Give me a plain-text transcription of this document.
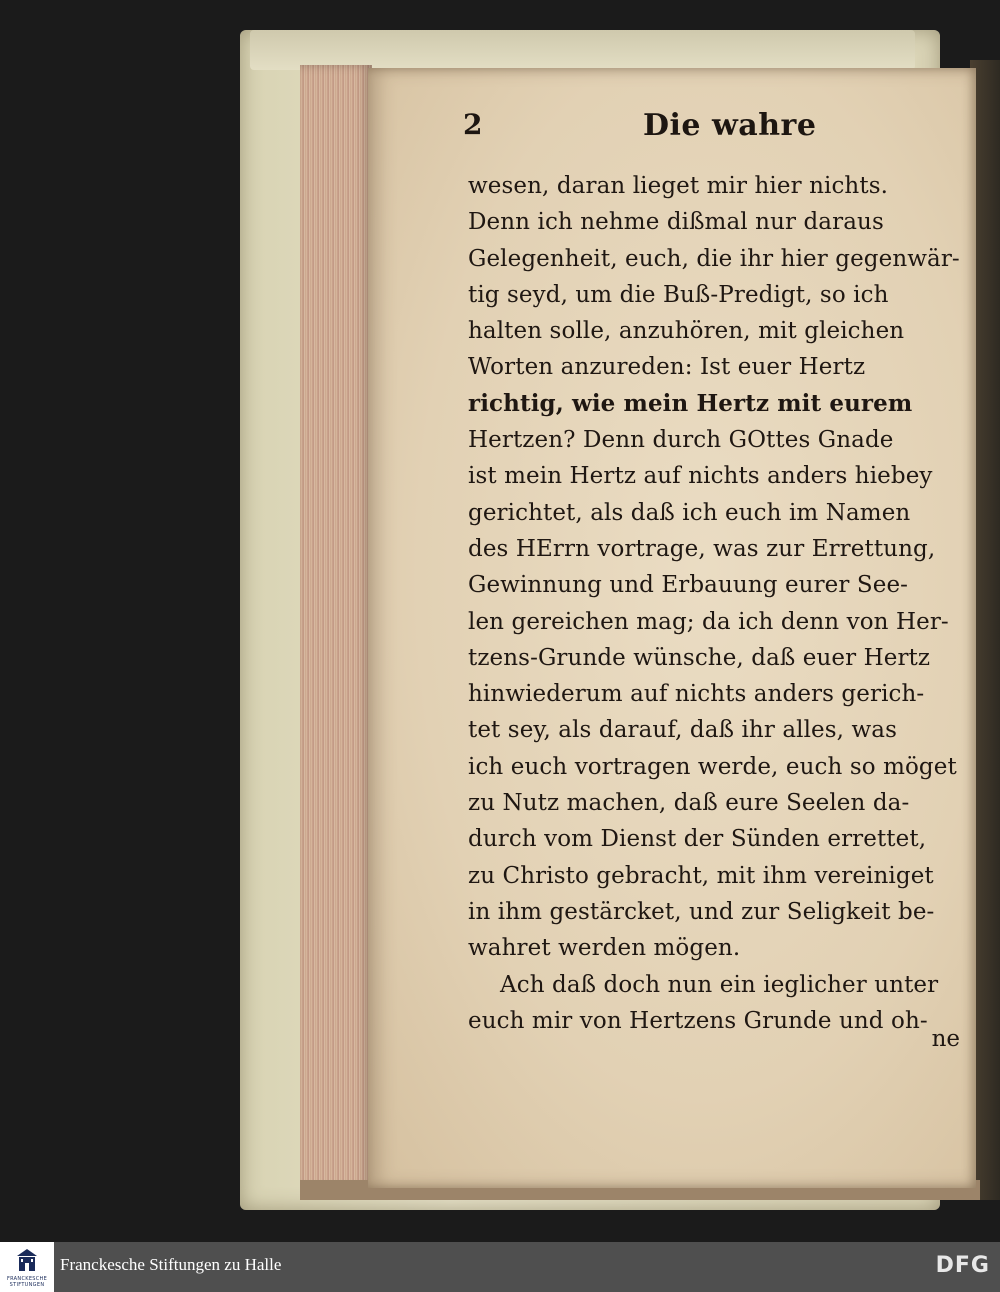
2	Die wahre
wesen, daran lieget mir hier nichts.
Denn ich nehme dißmal nur daraus
Gelegenheit, euch, die ihr hier gegenwär-
tig seyd, um die Buß-Predigt, so ich
halten solle, anzuhören, mit gleichen
Worten anzureden: Ist euer Hertz
richtig, wie mein Hertz mit eurem
Hertzen? Denn durch GOttes Gnade
ist mein Hertz auf nichts anders hiebey
gerichtet, als daß ich euch im Namen
des HErrn vortrage, was zur Errettung,
Gewinnung und Erbauung eurer See-
len gereichen mag; da ich denn von Her-
tzens-Grunde wünsche, daß euer Hertz
hinwiederum auf nichts anders gerich-
tet sey, als darauf, daß ihr alles, was
ich euch vortragen werde, euch so möget
zu Nutz machen, daß eure Seelen da-
durch vom Dienst der Sünden errettet,
zu Christo gebracht, mit ihm vereiniget
in ihm gestärcket, und zur Seligkeit be-
wahret werden mögen.
Ach daß doch nun ein ieglicher unter
euch mir von Hertzens Grunde und oh-
ne
FRANCKESCHE STIFTUNGEN
Franckesche Stiftungen zu Halle	DFG
